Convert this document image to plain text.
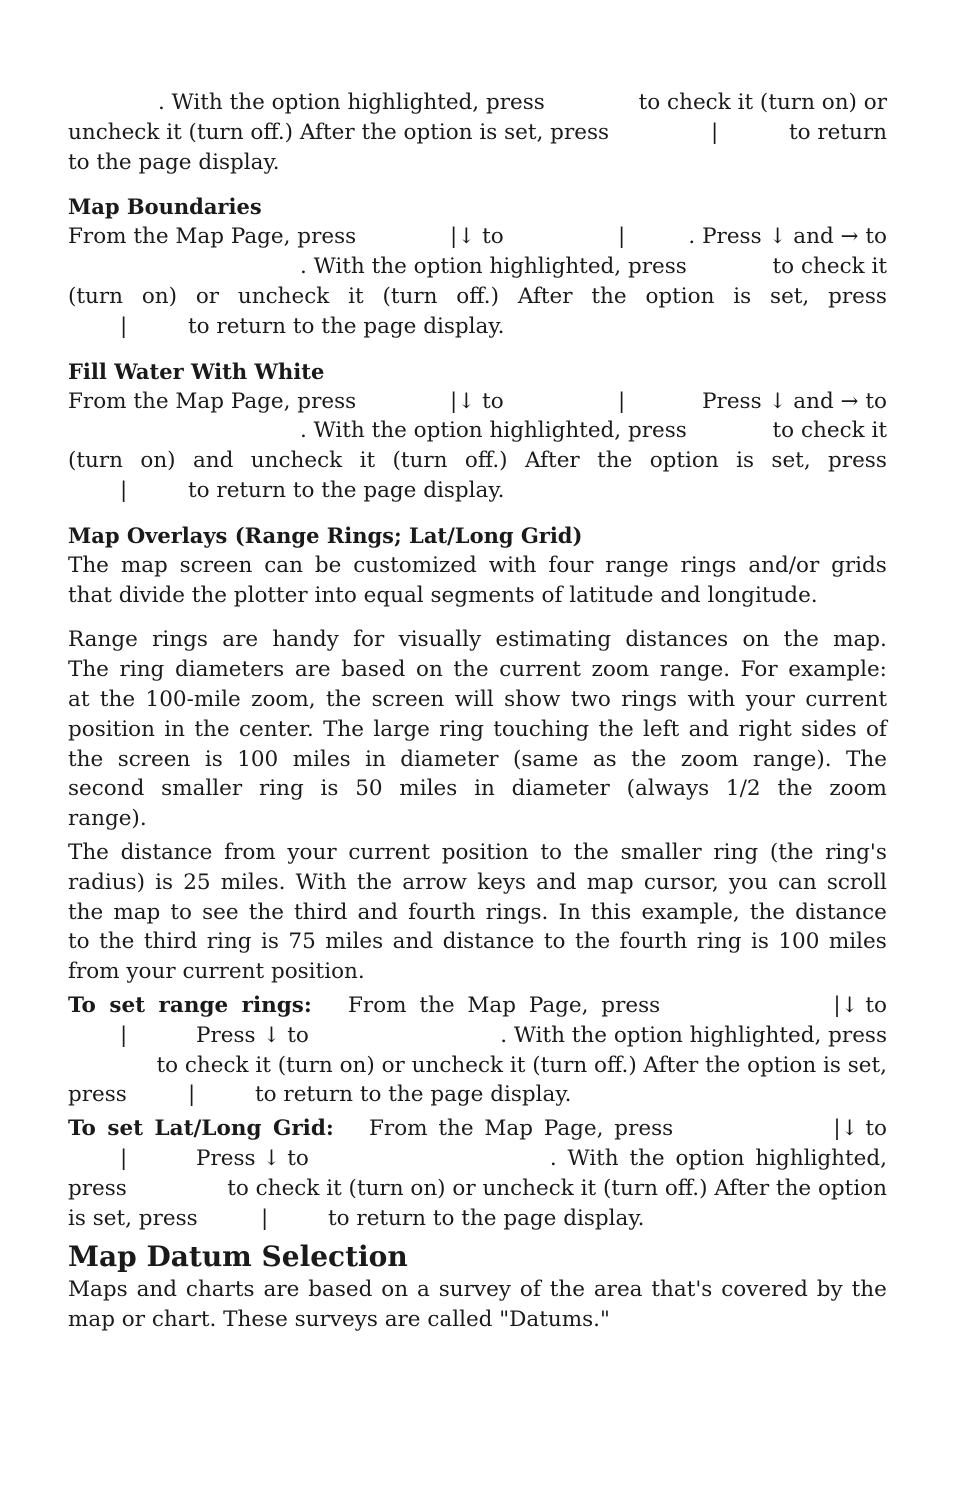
. With the option highlighted, press	to check it (turn on) or
uncheck it (turn off.) After the option is set, press	|	to return
to the page display.
Map Boundaries
From the Map Page, press	|↓ to	|	. Press ↓ and → to
. With the option highlighted, press	to check it
(turn on) or uncheck it (turn off.) After the option is set, press
|	to return to the page display.
Fill Water With White
From the Map Page, press	|↓ to	|	Press ↓ and → to
. With the option highlighted, press	to check it
(turn on) and uncheck it (turn off.) After the option is set, press
|	to return to the page display.
Map Overlays (Range Rings; Lat/Long Grid)
The map screen can be customized with four range rings and/or grids
that divide the plotter into equal segments of latitude and longitude.
Range rings are handy for visually estimating distances on the map.
The ring diameters are based on the current zoom range. For example:
at the 100-mile zoom, the screen will show two rings with your current
position in the center. The large ring touching the left and right sides of
the screen is 100 miles in diameter (same as the zoom range). The
second smaller ring is 50 miles in diameter (always 1/2 the zoom
range).
The distance from your current position to the smaller ring (the ring's
radius) is 25 miles. With the arrow keys and map cursor, you can scroll
the map to see the third and fourth rings. In this example, the distance
to the third ring is 75 miles and distance to the fourth ring is 100 miles
from your current position.
To set range rings: From the Map Page, press	|↓ to
|	Press ↓ to	. With the option highlighted, press
to check it (turn on) or uncheck it (turn off.) After the option is set,
press	|	to return to the page display.
To set Lat/Long Grid: From the Map Page, press	|↓ to
|	Press ↓ to	. With the option highlighted,
press	to check it (turn on) or uncheck it (turn off.) After the option
is set, press	|	to return to the page display.
Map Datum Selection
Maps and charts are based on a survey of the area that's covered by the
map or chart. These surveys are called "Datums."
